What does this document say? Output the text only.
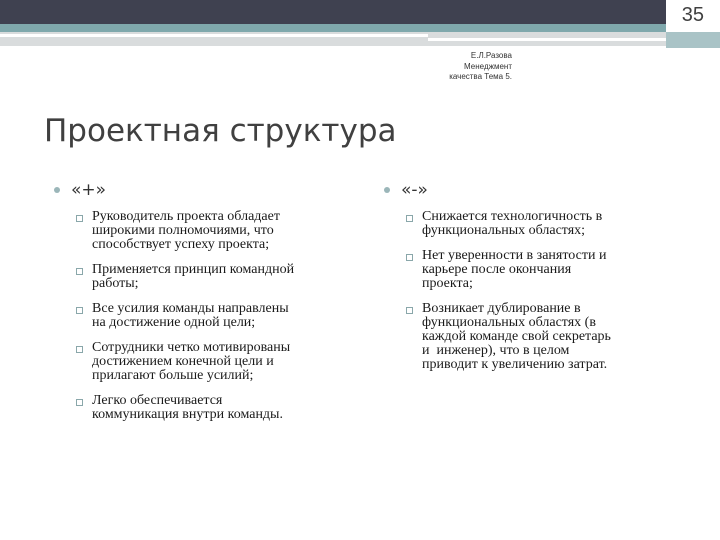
35
Е.Л.Разова
Менеджмент
качества Тема 5.
Проектная структура
«+»
Руководитель проекта обладает
широкими полномочиями, что
способствует успеху проекта;
Применяется принцип командной
работы;
Все усилия команды направлены
на достижение одной цели;
Сотрудники четко мотивированы
достижением конечной цели и
прилагают больше усилий;
Легко обеспечивается
коммуникация внутри команды.
«-»
Снижается технологичность в
функциональных областях;
Нет уверенности в занятости и
карьере после окончания
проекта;
Возникает дублирование в
функциональных областях (в
каждой команде свой секретарь
и  инженер), что в целом
приводит к увеличению затрат.
